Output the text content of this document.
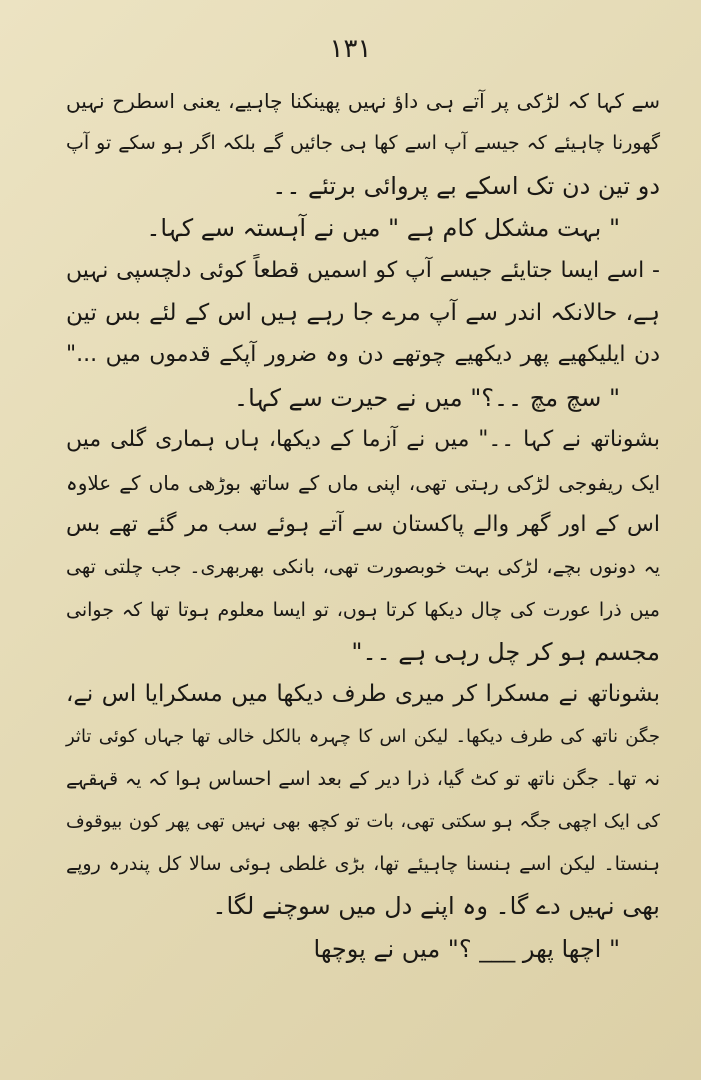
۱۳۱
سے کہا کہ لڑکی پر آتے ہی داؤ نہیں پھینکنا چاہیے، یعنی اسطرح نہیں
گھورنا چاہیئے کہ جیسے آپ اسے کھا ہی جائیں گے بلکہ اگر ہو سکے تو آپ
دو تین دن تک اسکے بے پروائی برتئے ۔۔
" بہت مشکل کام ہے " میں نے آہستہ سے کہا۔
- اسے ایسا جتایئے جیسے آپ کو اسمیں قطعاً کوئی دلچسپی نہیں
ہے، حالانکہ اندر سے آپ مرے جا رہے ہیں اس کے لئے بس تین
دن ایلیکھیے پھر دیکھیے چوتھے دن وہ ضرور آپکے قدموں میں ..."
" سچ مچ ۔۔؟" میں نے حیرت سے کہا۔
بشوناتھ نے کہا ۔۔" میں نے آزما کے دیکھا، ہاں ہماری گلی میں
ایک ریفوجی لڑکی رہتی تھی، اپنی ماں کے ساتھ بوڑھی ماں کے علاوہ
اس کے اور گھر والے پاکستان سے آتے ہوئے سب مر گئے تھے بس
یہ دونوں بچے، لڑکی بہت خوبصورت تھی، بانکی بھربھری۔ جب چلتی تھی
میں ذرا عورت کی چال دیکھا کرتا ہوں، تو ایسا معلوم ہوتا تھا کہ جوانی
مجسم ہو کر چل رہی ہے ۔۔"
بشوناتھ نے مسکرا کر میری طرف دیکھا میں مسکرایا اس نے،
جگن ناتھ کی طرف دیکھا۔ لیکن اس کا چہرہ بالکل خالی تھا جہاں کوئی تاثر
نہ تھا۔ جگن ناتھ تو کٹ گیا، ذرا دیر کے بعد اسے احساس ہوا کہ یہ قہقہے
کی ایک اچھی جگہ ہو سکتی تھی، بات تو کچھ بھی نہیں تھی پھر کون بیوقوف
ہنستا۔ لیکن اسے ہنسنا چاہیئے تھا، بڑی غلطی ہوئی سالا کل پندرہ روپے
بھی نہیں دے گا۔ وہ اپنے دل میں سوچنے لگا۔
" اچھا پھر ___ ؟" میں نے پوچھا
